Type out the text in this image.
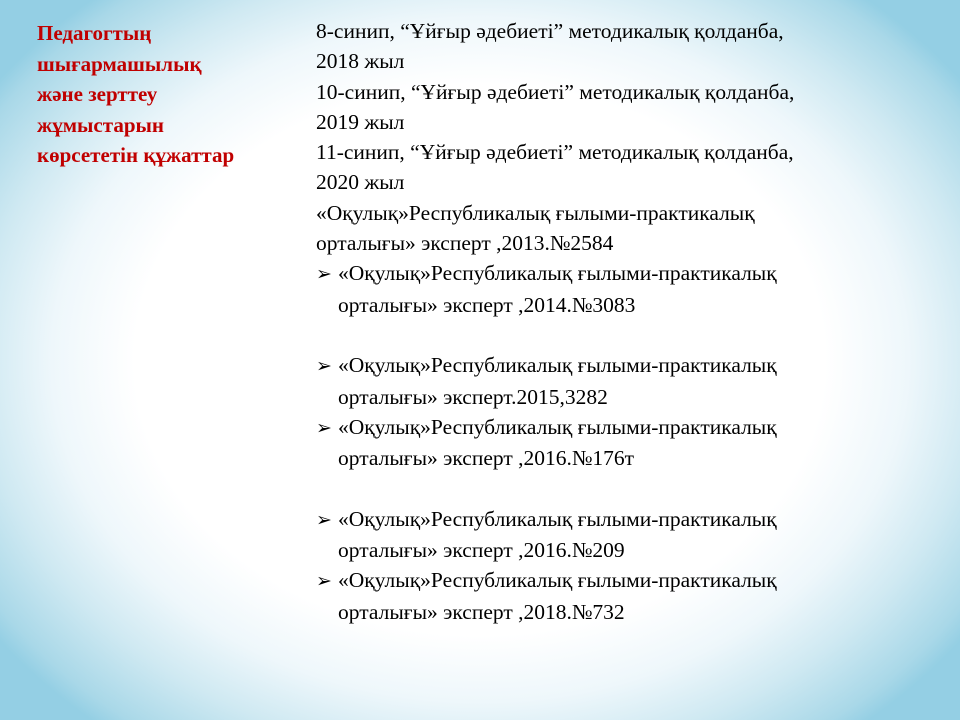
Педагогтың
шығармашылық
және зерттеу
жұмыстарын
көрсететін құжаттар
8-синип, “Ұйғыр әдебиеті” методикалық қолданба,
2018 жыл
10-синип, “Ұйғыр әдебиеті” методикалық қолданба,
2019 жыл
11-синип, “Ұйғыр әдебиеті” методикалық қолданба,
2020 жыл
«Оқулық»Республикалық ғылыми-практикалық
орталығы» эксперт ,2013.№2584
➢ «Оқулық»Республикалық ғылыми-практикалық
орталығы» эксперт ,2014.№3083
➢ «Оқулық»Республикалық ғылыми-практикалық
орталығы» эксперт.2015,3282
➢ «Оқулық»Республикалық ғылыми-практикалық
орталығы» эксперт ,2016.№176т
➢ «Оқулық»Республикалық ғылыми-практикалық
орталығы» эксперт ,2016.№209
➢ «Оқулық»Республикалық ғылыми-практикалық
орталығы» эксперт ,2018.№732
